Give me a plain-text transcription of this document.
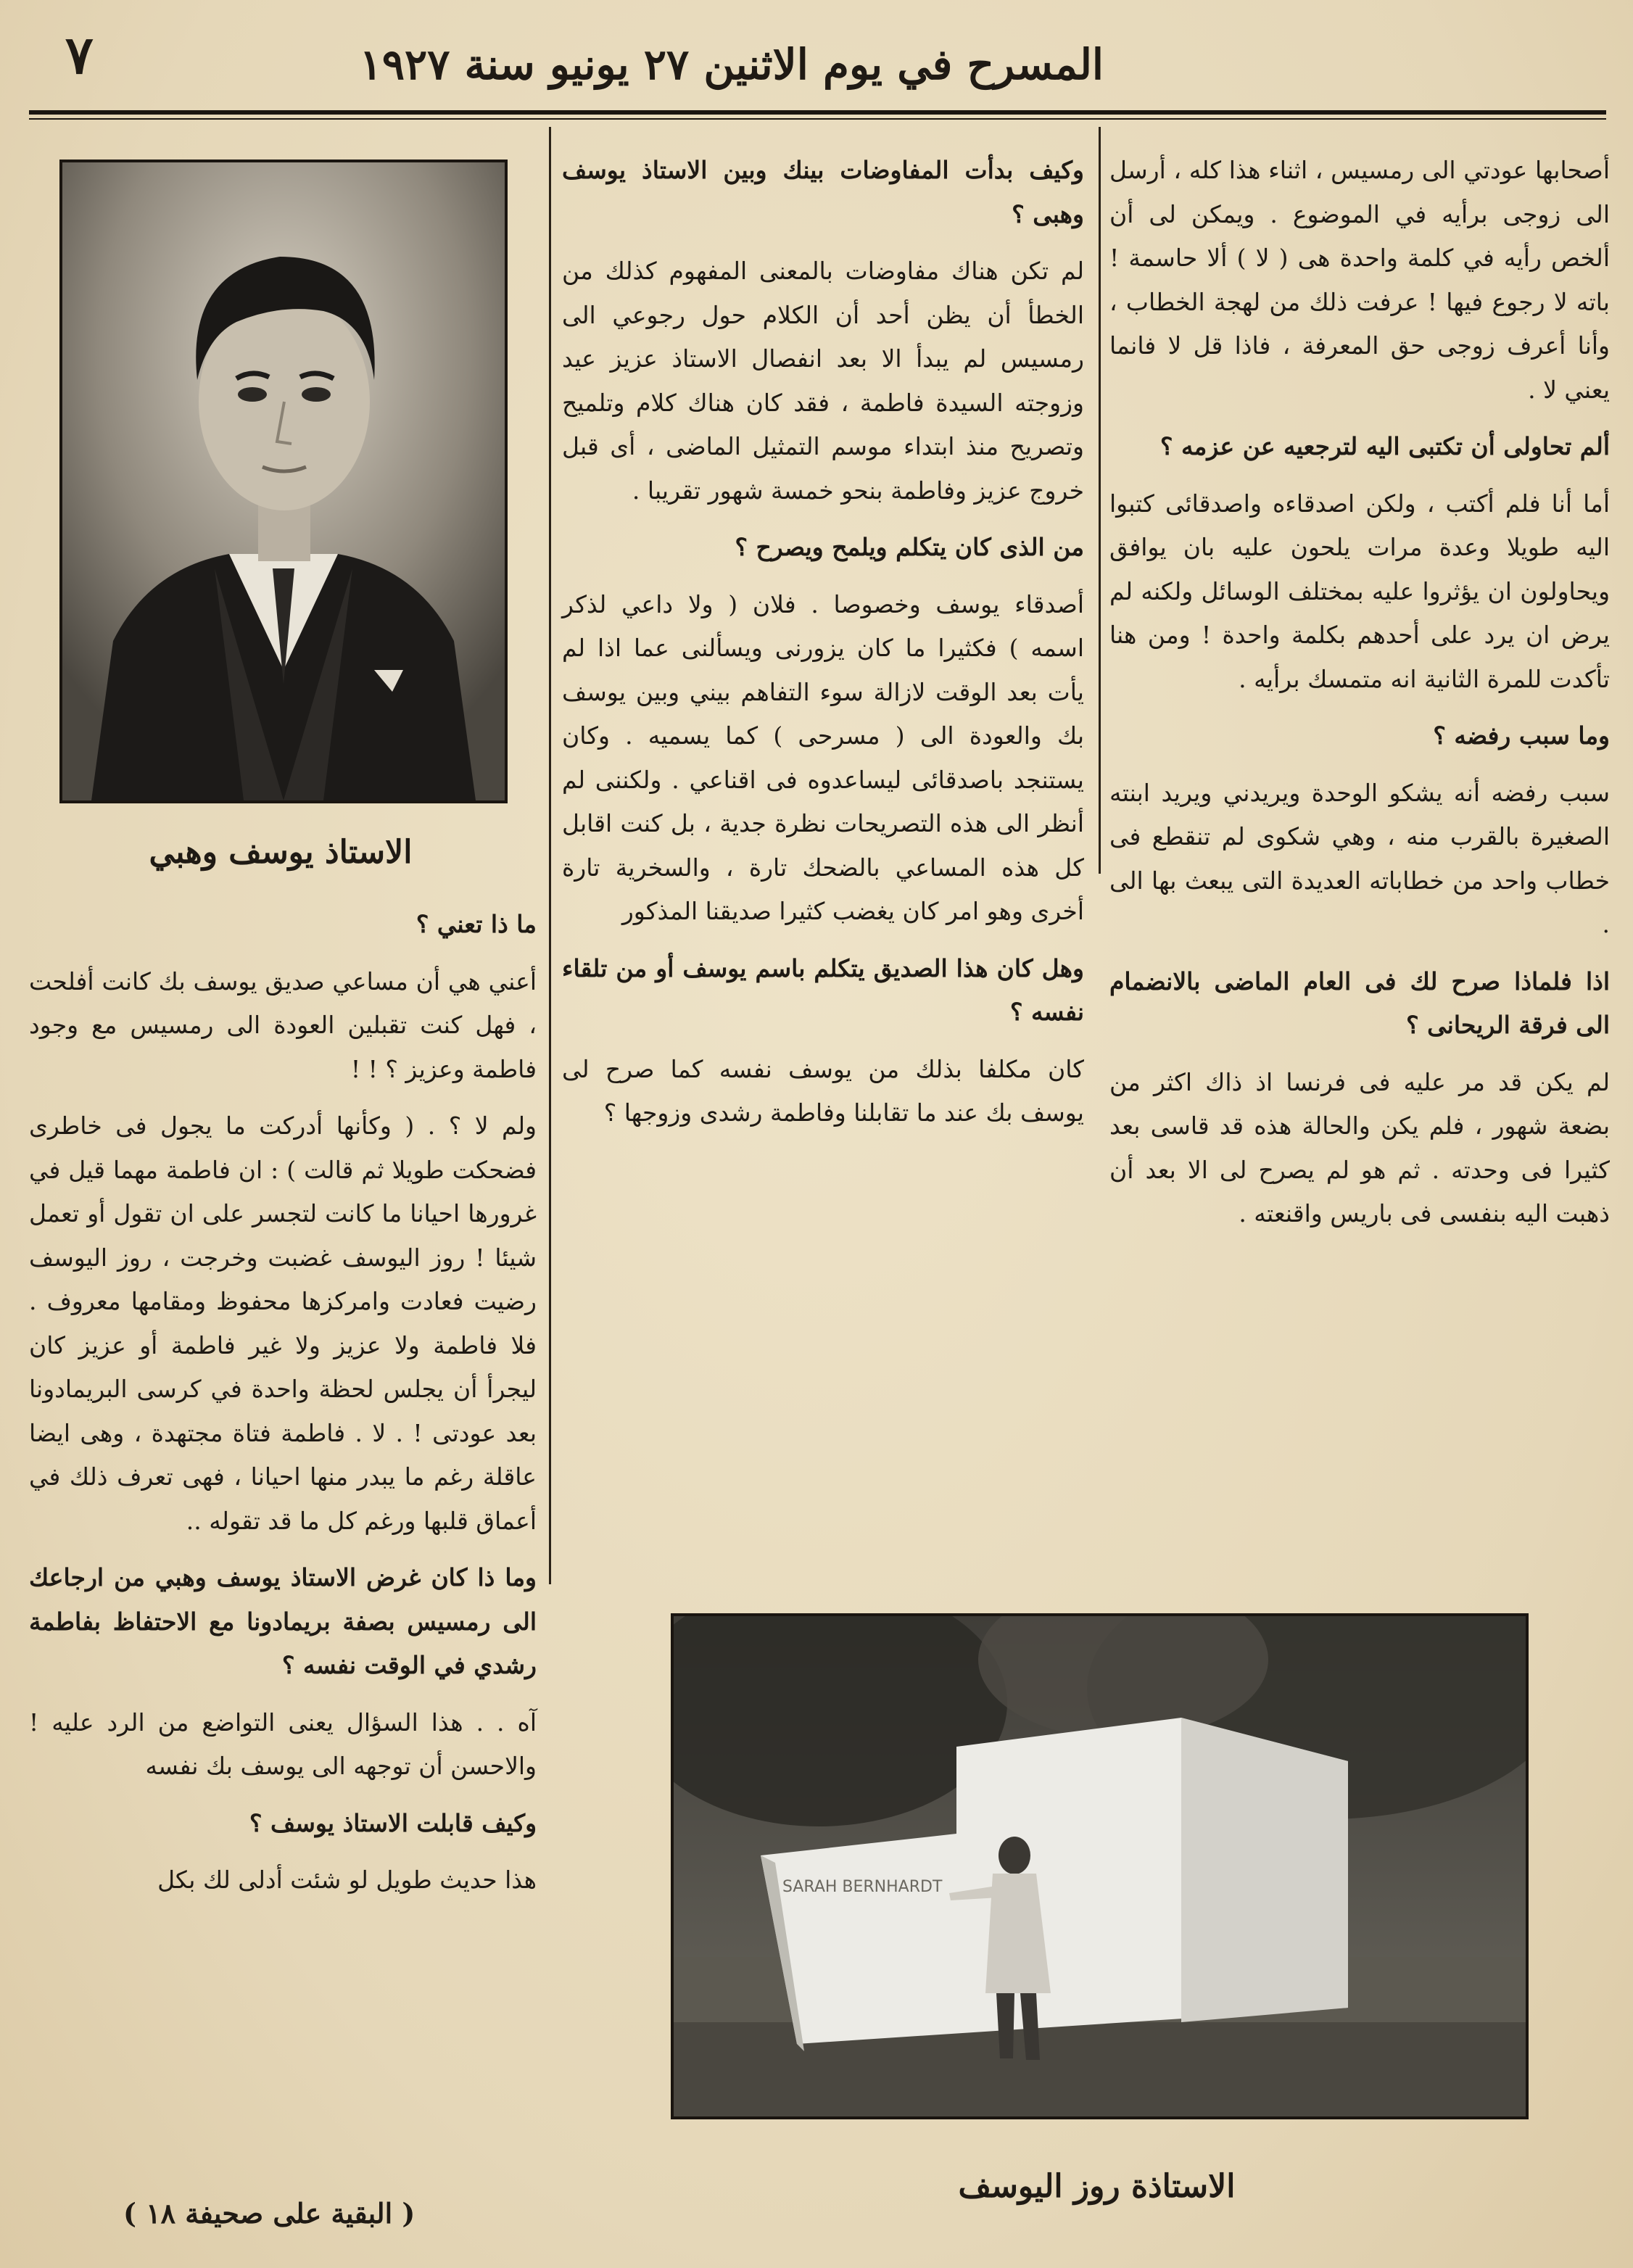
٧	المسرح في يوم الاثنين ٢٧ يونيو سنة ١٩٢٧

أصحابها عودتي الى رمسيس ، اثناء هذا كله ، أرسل الى زوجى برأيه في الموضوع . ويمكن لى أن ألخص رأيه في كلمة واحدة هى ( لا ) ألا حاسمة ! باته لا رجوع فيها ! عرفت ذلك من لهجة الخطاب ، وأنا أعرف زوجى حق المعرفة ، فاذا قل لا فانما يعني لا .

ألم تحاولى أن تكتبى اليه لترجعيه عن عزمه ؟

أما أنا فلم أكتب ، ولكن اصدقاءه واصدقائى كتبوا اليه طويلا وعدة مرات يلحون عليه بان يوافق ويحاولون ان يؤثروا عليه بمختلف الوسائل ولكنه لم يرض ان يرد على أحدهم بكلمة واحدة ! ومن هنا تأكدت للمرة الثانية انه متمسك برأيه .

وما سبب رفضه ؟

سبب رفضه أنه يشكو الوحدة ويريدني ويريد ابنته الصغيرة بالقرب منه ، وهي شكوى لم تنقطع فى خطاب واحد من خطاباته العديدة التى يبعث بها الى .

اذا فلماذا صرح لك فى العام الماضى بالانضمام الى فرقة الريحانى ؟

لم يكن قد مر عليه فى فرنسا اذ ذاك اكثر من بضعة شهور ، فلم يكن والحالة هذه قد قاسى بعد كثيرا فى وحدته . ثم هو لم يصرح لى الا بعد أن ذهبت اليه بنفسى فى باريس واقنعته .

وكيف بدأت المفاوضات بينك وبين الاستاذ يوسف وهبى ؟

لم تكن هناك مفاوضات بالمعنى المفهوم كذلك من الخطأ أن يظن أحد أن الكلام حول رجوعي الى رمسيس لم يبدأ الا بعد انفصال الاستاذ عزيز عيد وزوجته السيدة فاطمة ، فقد كان هناك كلام وتلميح وتصريح منذ ابتداء موسم التمثيل الماضى ، أى قبل خروج عزيز وفاطمة بنحو خمسة شهور تقريبا .

من الذى كان يتكلم ويلمح ويصرح ؟

أصدقاء يوسف وخصوصا . فلان ( ولا داعي لذكر اسمه ) فكثيرا ما كان يزورنى ويسألنى عما اذا لم يأت بعد الوقت لازالة سوء التفاهم بيني وبين يوسف بك والعودة الى ( مسرحى ) كما يسميه . وكان يستنجد باصدقائى ليساعدوه فى اقناعي . ولكننى لم أنظر الى هذه التصريحات نظرة جدية ، بل كنت اقابل كل هذه المساعي بالضحك تارة ، والسخرية تارة أخرى وهو امر كان يغضب كثيرا صديقنا المذكور

وهل كان هذا الصديق يتكلم باسم يوسف أو من تلقاء نفسه ؟

كان مكلفا بذلك من يوسف نفسه كما صرح لى يوسف بك عند ما تقابلنا وفاطمة رشدى وزوجها ؟

ما ذا تعني ؟

أعني هي أن مساعي صديق يوسف بك كانت أفلحت ، فهل كنت تقبلين العودة الى رمسيس مع وجود فاطمة وعزيز ؟ ! !

ولم لا ؟ . ( وكأنها أدركت ما يجول فى خاطرى فضحكت طويلا ثم قالت ) : ان فاطمة مهما قيل في غرورها احيانا ما كانت لتجسر على ان تقول أو تعمل شيئا ! روز اليوسف غضبت وخرجت ، روز اليوسف رضيت فعادت وامركزها محفوظ ومقامها معروف . فلا فاطمة ولا عزيز ولا غير فاطمة أو عزيز كان ليجرأ أن يجلس لحظة واحدة في كرسى البريمادونا بعد عودتى ! . لا . فاطمة فتاة مجتهدة ، وهى ايضا عاقلة رغم ما يبدر منها احيانا ، فهى تعرف ذلك في أعماق قلبها ورغم كل ما قد تقوله ..

وما ذا كان غرض الاستاذ يوسف وهبي من ارجاعك الى رمسيس بصفة بريمادونا مع الاحتفاظ بفاطمة رشدي في الوقت نفسه ؟

آه . . هذا السؤال يعنى التواضع من الرد عليه ! والاحسن أن توجهه الى يوسف بك نفسه

وكيف قابلت الاستاذ يوسف ؟

هذا حديث طويل لو شئت أدلى لك بكل

الاستاذ يوسف وهبي
SARAH BERNHARDT
الاستاذة روز اليوسف
( البقية على صحيفة ١٨ )
